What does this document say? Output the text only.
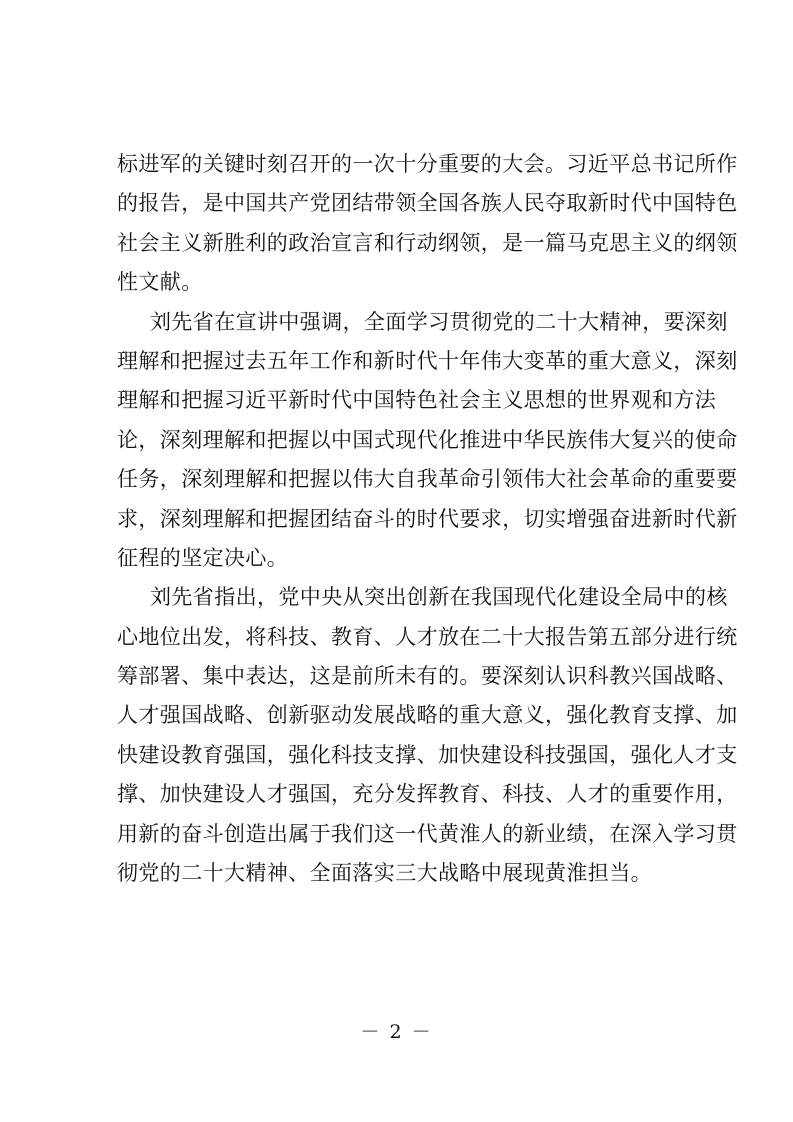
标进军的关键时刻召开的一次十分重要的大会。习近平总书记所作
的报告，是中国共产党团结带领全国各族人民夺取新时代中国特色
社会主义新胜利的政治宣言和行动纲领，是一篇马克思主义的纲领
性文献。
刘先省在宣讲中强调，全面学习贯彻党的二十大精神，要深刻
理解和把握过去五年工作和新时代十年伟大变革的重大意义，深刻
理解和把握习近平新时代中国特色社会主义思想的世界观和方法
论，深刻理解和把握以中国式现代化推进中华民族伟大复兴的使命
任务，深刻理解和把握以伟大自我革命引领伟大社会革命的重要要
求，深刻理解和把握团结奋斗的时代要求，切实增强奋进新时代新
征程的坚定决心。
刘先省指出，党中央从突出创新在我国现代化建设全局中的核
心地位出发，将科技、教育、人才放在二十大报告第五部分进行统
筹部署、集中表达，这是前所未有的。要深刻认识科教兴国战略、
人才强国战略、创新驱动发展战略的重大意义，强化教育支撑、加
快建设教育强国，强化科技支撑、加快建设科技强国，强化人才支
撑、加快建设人才强国，充分发挥教育、科技、人才的重要作用，
用新的奋斗创造出属于我们这一代黄淮人的新业绩，在深入学习贯
彻党的二十大精神、全面落实三大战略中展现黄淮担当。
－ 2 －
